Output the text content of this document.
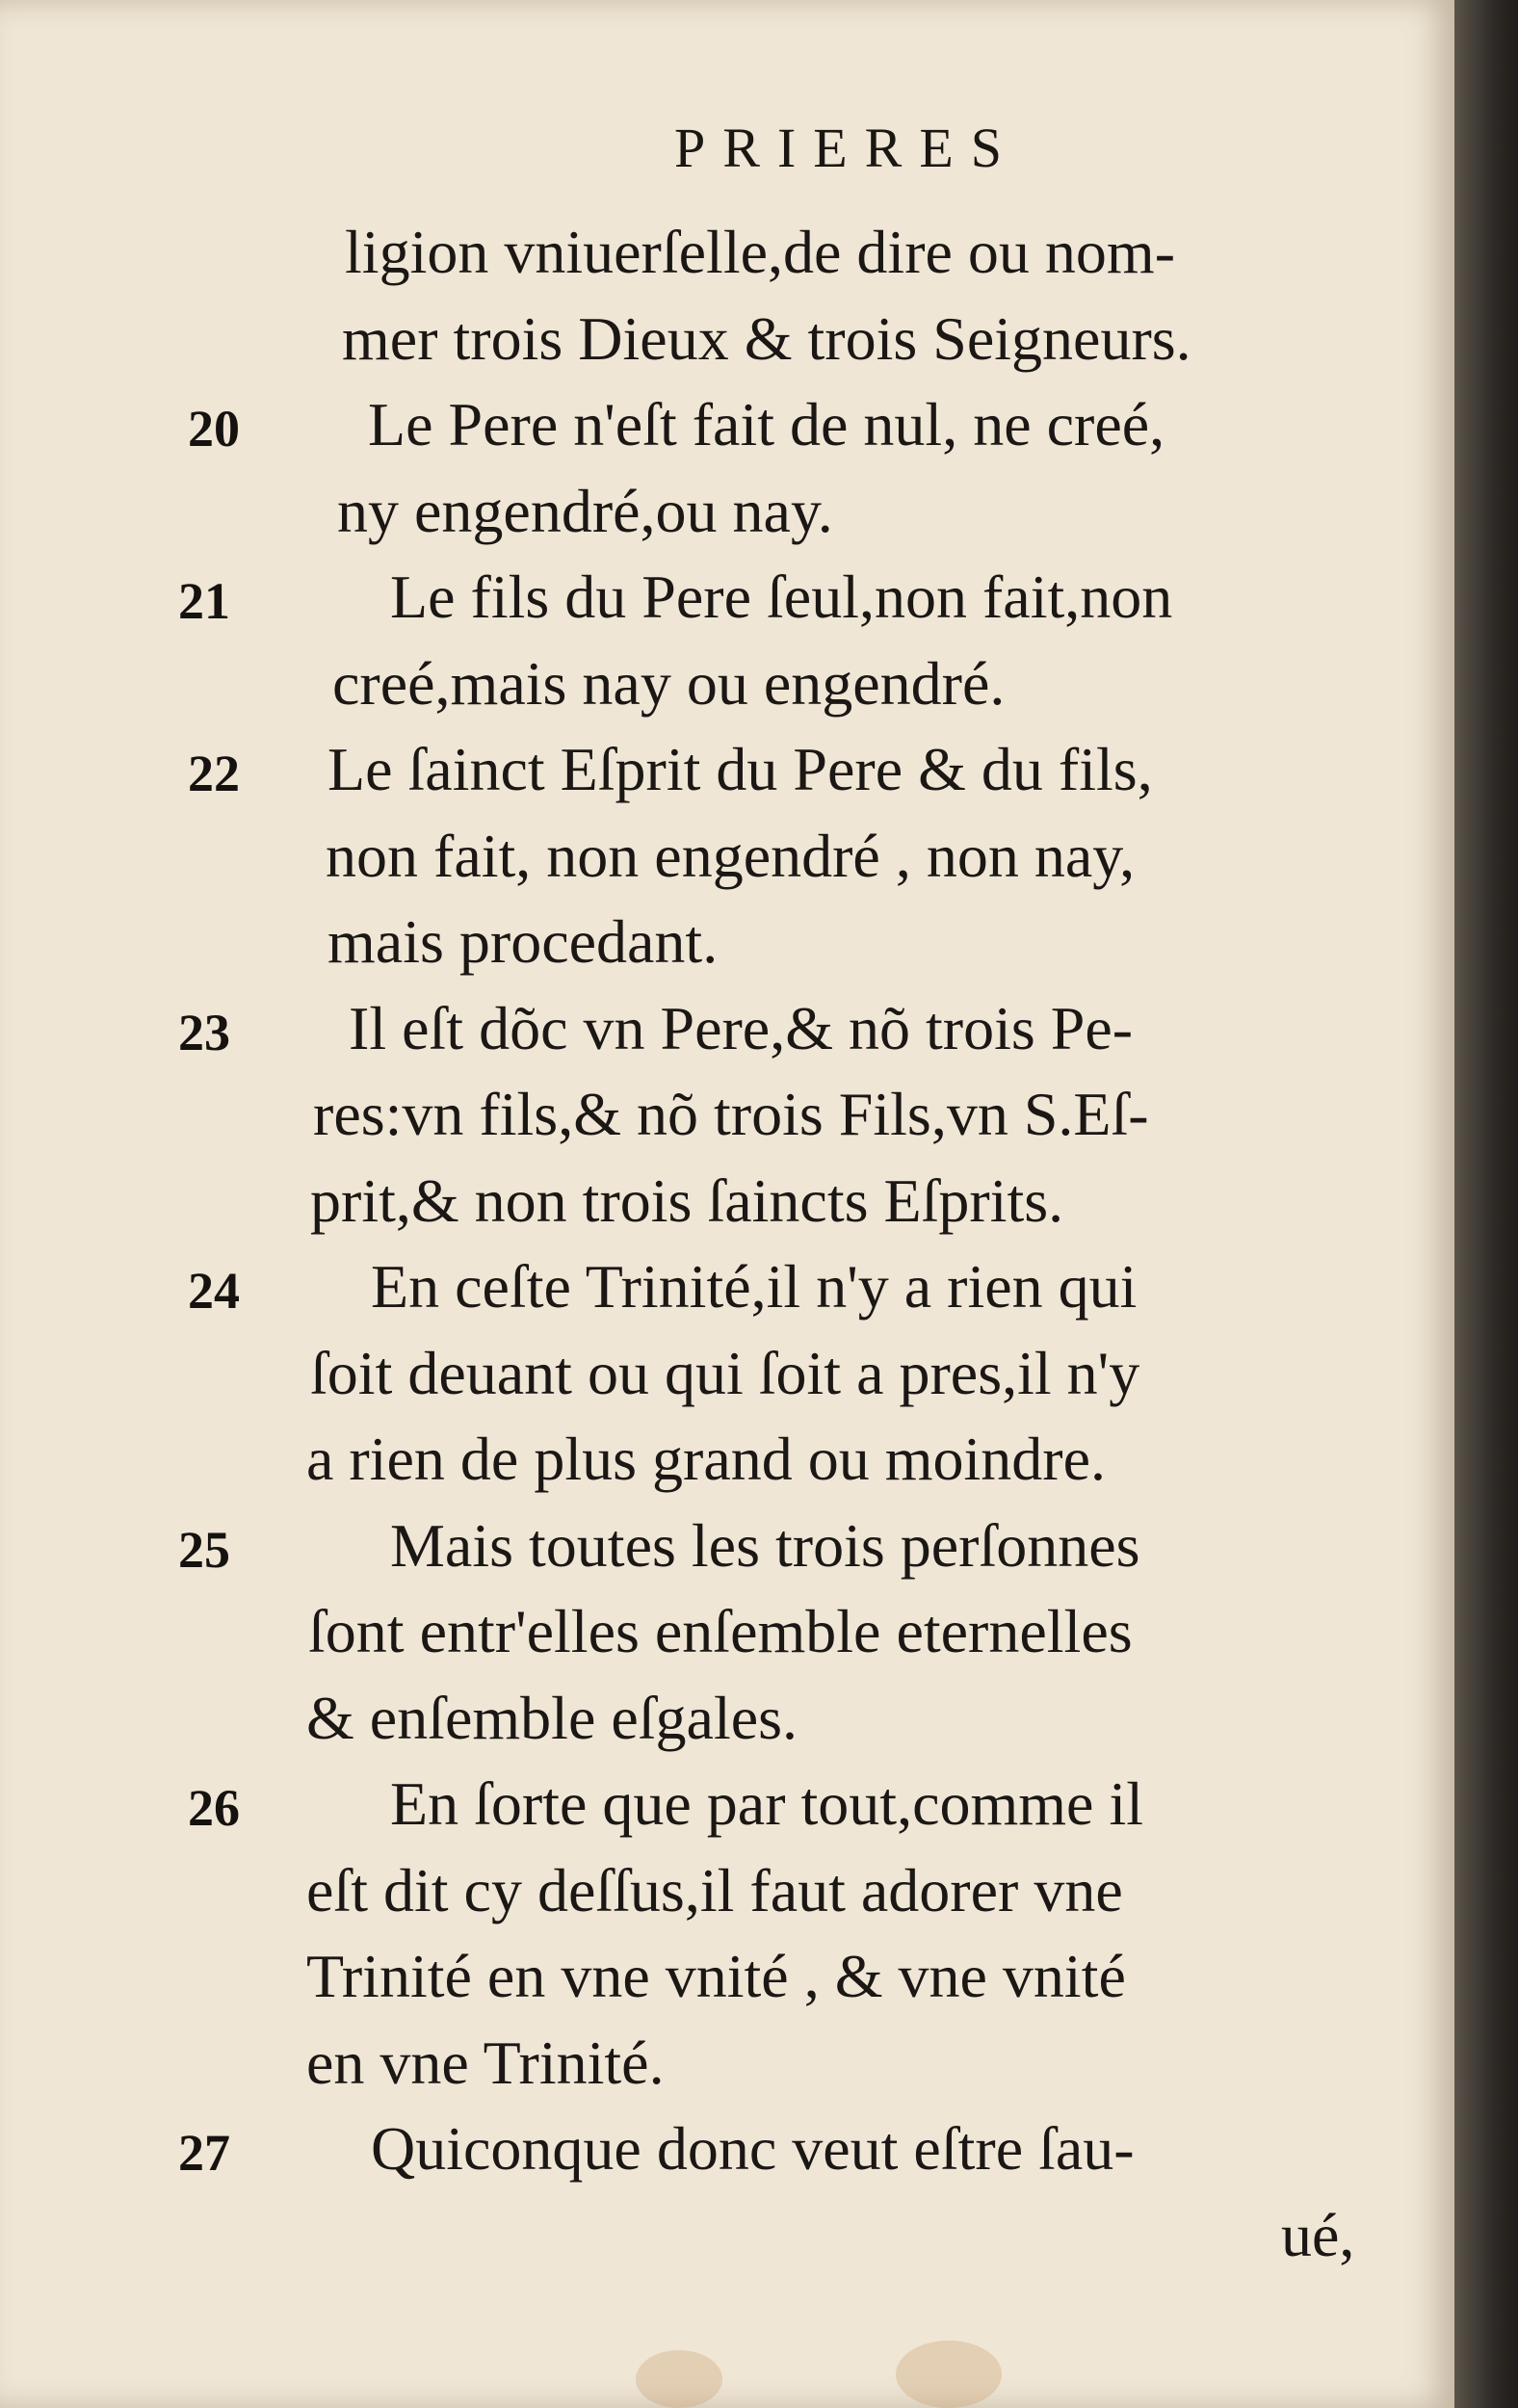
PRIERES
20
21
22
23
24
25
26
27
ligion vniuerſelle,de dire ou nom-
mer trois Dieux & trois Seigneurs.
Le Pere n'eſt fait de nul, ne creé,
ny engendré,ou nay.
Le fils du Pere ſeul,non fait,non
creé,mais nay ou engendré.
Le ſainct Eſprit du Pere & du fils,
non fait, non engendré , non nay,
mais procedant.
Il eſt dõc vn Pere,& nõ trois Pe-
res:vn fils,& nõ trois Fils,vn S.Eſ-
prit,& non trois ſaincts Eſprits.
En ceſte Trinité,il n'y a rien qui
ſoit deuant ou qui ſoit a pres,il n'y
a rien de plus grand ou moindre.
Mais toutes les trois perſonnes
ſont entr'elles enſemble eternelles
& enſemble eſgales.
En ſorte que par tout,comme il
eſt dit cy deſſus,il faut adorer vne
Trinité en vne vnité , & vne vnité
en vne Trinité.
Quiconque donc veut eſtre ſau-
ué,
